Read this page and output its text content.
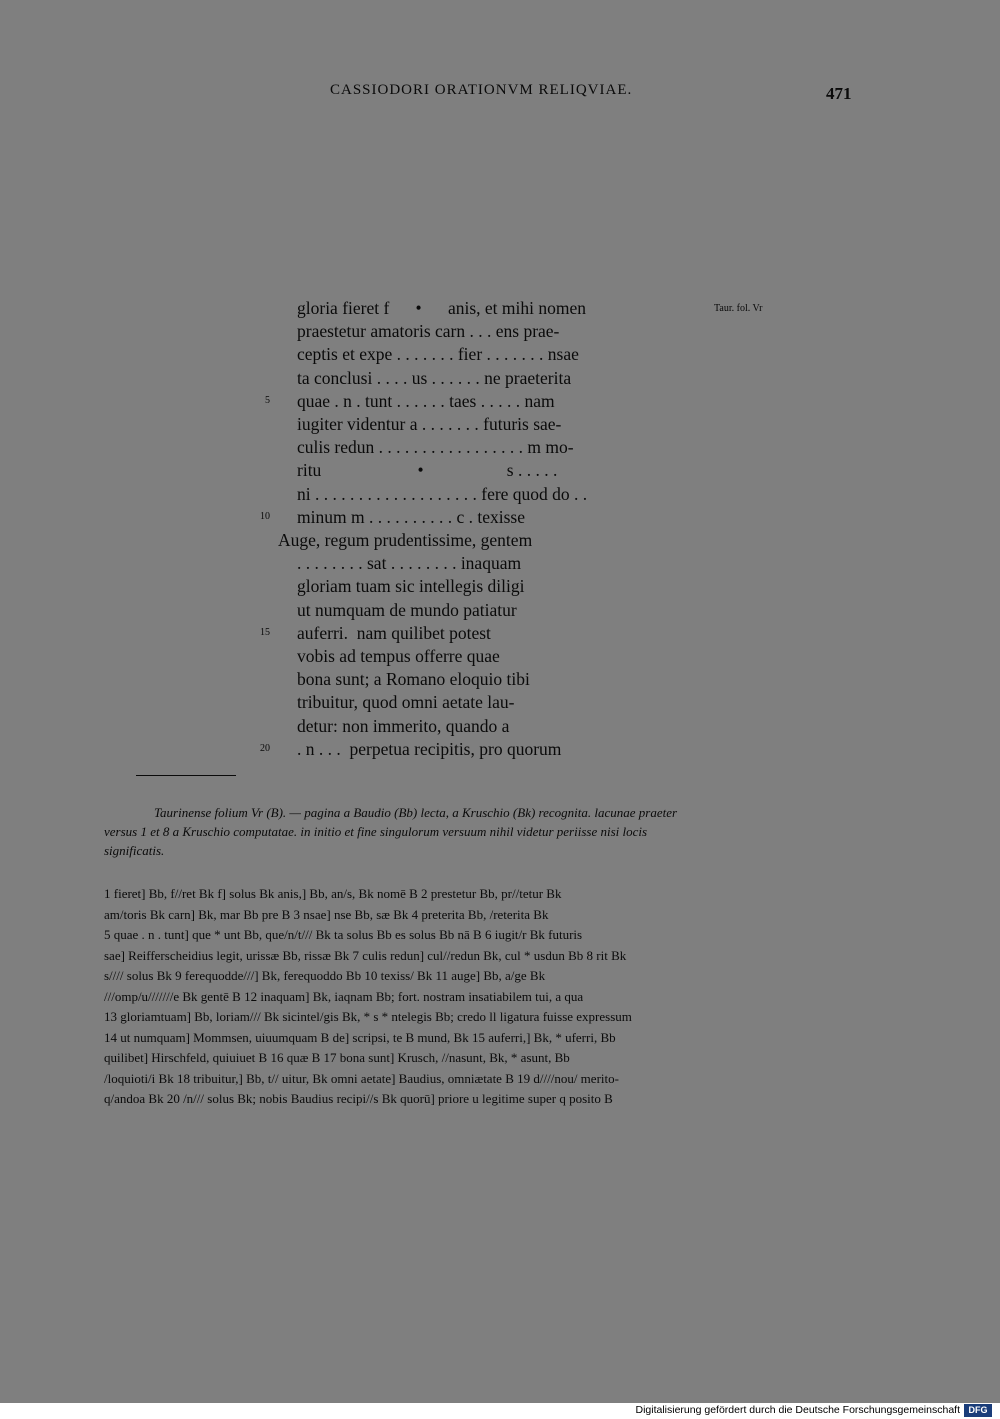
CASSIODORI ORATIONVM RELIQVIAE.	471
Taur. fol. Vr
gloria fieret f      •      anis, et mihi nomen
praestetur amatoris carn . . . ens prae-
ceptis et expe . . . . . . . fier . . . . . . . nsae
ta conclusi . . . . us . . . . . . ne praeterita
quae . n . tunt . . . . . . taes . . . . . nam
5
iugiter videntur a . . . . . . . futuris sae-
culis redun . . . . . . . . . . . . . . . . . m mo-
ritu                      •                   s . . . . .
ni . . . . . . . . . . . . . . . . . . . fere quod do . .
minum m . . . . . . . . . . c . texisse
10
Auge, regum prudentissime, gentem
. . . . . . . . sat . . . . . . . . inaquam
gloriam tuam sic intellegis diligi
ut numquam de mundo patiatur
auferri.  nam quilibet potest
15
vobis ad tempus offerre quae
bona sunt; a Romano eloquio tibi
tribuitur, quod omni aetate lau-
detur: non immerito, quando a
. n . . .  perpetua recipitis, pro quorum
20
Taurinense folium Vr (B). — pagina a Baudio (Bb) lecta, a Kruschio (Bk) recognita. lacunae praeter
versus 1 et 8 a Kruschio computatae. in initio et fine singulorum versuum nihil videtur periisse nisi locis
significatis.
1 fieret] Bb, f//ret Bk f] solus Bk anis,] Bb, an/s, Bk nomē B 2 prestetur Bb, pr//tetur Bk
am/toris Bk carn] Bk, mar Bb pre B 3 nsae] nse Bb, sæ Bk 4 preterita Bb, /reterita Bk
5 quae . n . tunt] que * unt Bb, que/n/t/// Bk ta solus Bb es solus Bb nā B 6 iugit/r Bk futuris
sae] Reifferscheidius legit, urissæ Bb, rissæ Bk 7 culis redun] cul//redun Bk, cul * usdun Bb 8 rit Bk
s//// solus Bk 9 ferequodde///] Bk, ferequoddo Bb 10 texiss/ Bk 11 auge] Bb, a/ge Bk
///omp/u///////e Bk gentē B 12 inaquam] Bk, iaqnam Bb; fort. nostram insatiabilem tui, a qua
13 gloriamtuam] Bb, loriam/// Bk sicintel/gis Bk, * s * ntelegis Bb; credo ll ligatura fuisse expressum
14 ut numquam] Mommsen, uiuumquam B de] scripsi, te B mund, Bk 15 auferri,] Bk, * uferri, Bb
quilibet] Hirschfeld, quiuiuet B 16 quæ B 17 bona sunt] Krusch, //nasunt, Bk, * asunt, Bb
/loquioti/i Bk 18 tribuitur,] Bb, t// uitur, Bk omni aetate] Baudius, omniætate B 19 d////nou/ merito-
q/andoa Bk 20 /n/// solus Bk; nobis Baudius recipi//s Bk quorū] priore u legitime super q posito B
Digitalisierung gefördert durch die Deutsche Forschungsgemeinschaft DFG
